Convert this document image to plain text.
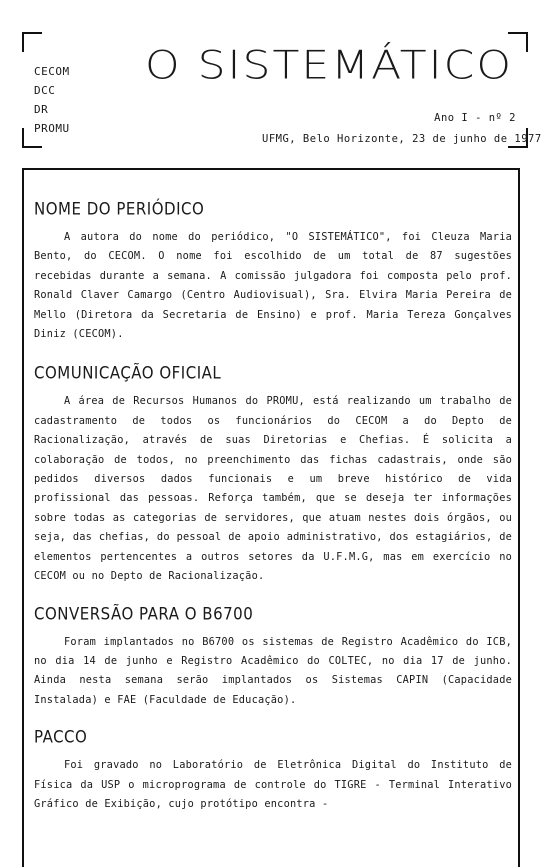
CECOM
DCC
DR
PROMU
O SISTEMÁTICO
Ano I - nº 2
UFMG, Belo Horizonte, 23 de junho de 1977
NOME DO PERIÓDICO

A autora do nome do periódico, "O SISTEMÁTICO", foi Cleuza Maria Bento, do CECOM. O nome foi escolhido de um total de 87 sugestões recebidas durante a semana. A comissão julgadora foi composta pelo prof. Ronald Claver Camargo (Centro Audiovisual), Sra. Elvira Maria Pereira de Mello (Diretora da Secretaria de Ensino) e prof. Maria Tereza Gonçalves Diniz (CECOM).

COMUNICAÇÃO OFICIAL

A área de Recursos Humanos do PROMU, está realizando um trabalho de cadastramento de todos os funcionários do CECOM a do Depto de Racionalização, através de suas Diretorias e Chefias. É solicita a colaboração de todos, no preenchimento das fichas cadastrais, onde são pedidos diversos dados funcionais e um breve histórico de vida profissional das pessoas. Reforça também, que se deseja ter informações sobre todas as categorias de servidores, que atuam nestes dois órgãos, ou seja, das chefias, do pessoal de apoio administrativo, dos estagiários, de elementos pertencentes a outros setores da U.F.M.G, mas em exercício no CECOM ou no Depto de Racionalização.

CONVERSÃO PARA O B6700

Foram implantados no B6700 os sistemas de Registro Acadêmico do ICB, no dia 14 de junho e Registro Acadêmico do COLTEC, no dia 17 de junho. Ainda nesta semana serão implantados os Sistemas CAPIN (Capacidade Instalada) e FAE (Faculdade de Educação).

PACCO

Foi gravado no Laboratório de Eletrônica Digital do Instituto de Física da USP o microprograma de controle do TIGRE - Terminal Interativo Gráfico de Exibição, cujo protótipo encontra -
